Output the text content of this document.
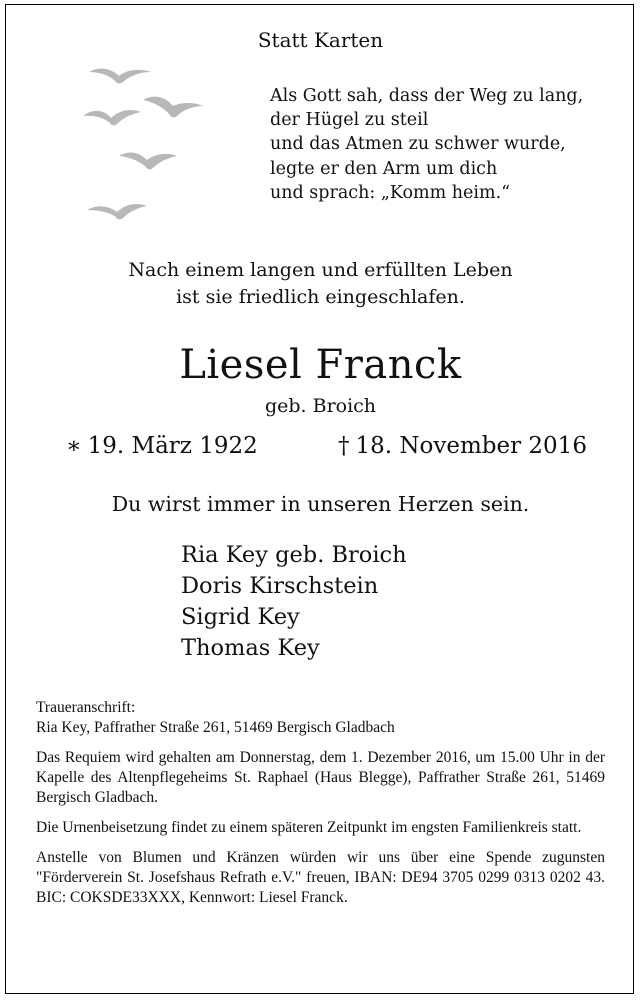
Statt Karten
Als Gott sah, dass der Weg zu lang,
der Hügel zu steil
und das Atmen zu schwer wurde,
legte er den Arm um dich
und sprach: „Komm heim.“
Nach einem langen und erfüllten Leben
ist sie friedlich eingeschlafen.
Liesel Franck
geb. Broich
∗ 19. März 1922	† 18. November 2016
Du wirst immer in unseren Herzen sein.
Ria Key geb. Broich
Doris Kirschstein
Sigrid Key
Thomas Key

Traueranschrift:
Ria Key, Paffrather Straße 261, 51469 Bergisch Gladbach

Das Requiem wird gehalten am Donnerstag, dem 1. Dezember 2016, um 15.00 Uhr in der Kapelle des Altenpflegeheims St. Raphael (Haus Blegge), Paffrather Straße 261, 51469 Bergisch Gladbach.

Die Urnenbeisetzung findet zu einem späteren Zeitpunkt im engsten Familienkreis statt.

Anstelle von Blumen und Kränzen würden wir uns über eine Spende zugunsten "Förderverein St. Josefshaus Refrath e.V." freuen, IBAN: DE94 3705 0299 0313 0202 43. BIC: COKSDE33XXX, Kennwort: Liesel Franck.
